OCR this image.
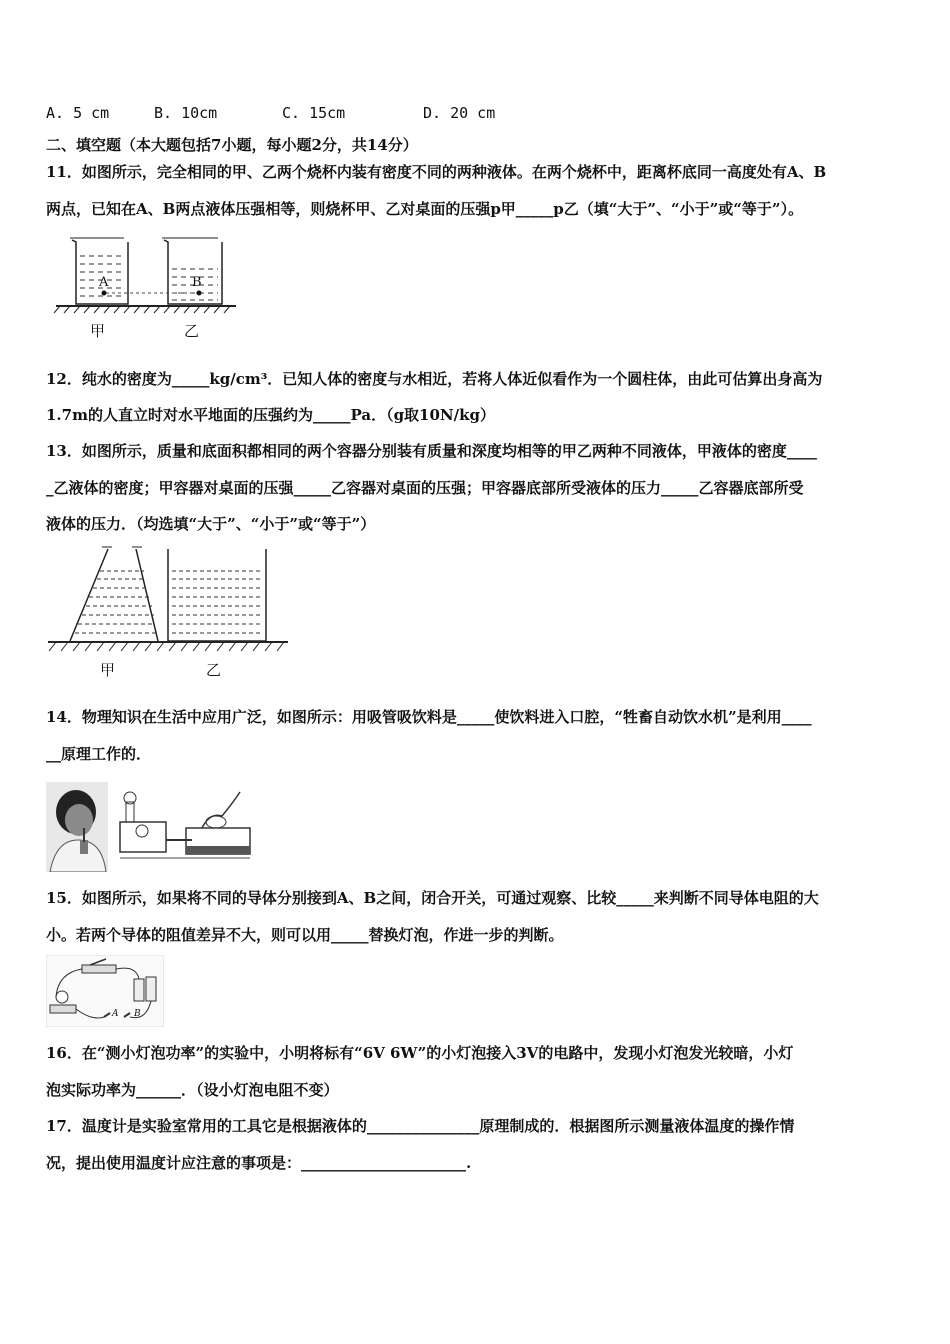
A. 5 cm	B. 10cm	C. 15cm	D. 20 cm
二、填空题（本大题包括7小题，每小题2分，共14分）
11．如图所示，完全相同的甲、乙两个烧杯内装有密度不同的两种液体。在两个烧杯中，距离杯底同一高度处有A、B
两点，已知在A、B两点液体压强相等，则烧杯甲、乙对桌面的压强p甲_____p乙（填“大于”、“小于”或“等于”）。
A	B
甲	乙
12．纯水的密度为_____kg/cm³．已知人体的密度与水相近，若将人体近似看作为一个圆柱体，由此可估算出身高为
1.7m的人直立时对水平地面的压强约为_____Pa．（g取10N/kg）
13．如图所示，质量和底面积都相同的两个容器分别装有质量和深度均相等的甲乙两种不同液体，甲液体的密度____
_乙液体的密度；甲容器对桌面的压强_____乙容器对桌面的压强；甲容器底部所受液体的压力_____乙容器底部所受
液体的压力．（均选填“大于”、“小于”或“等于”）
甲	乙
14．物理知识在生活中应用广泛，如图所示：用吸管吸饮料是_____使饮料进入口腔，“牲畜自动饮水机”是利用____
__原理工作的．
15．如图所示，如果将不同的导体分别接到A、B之间，闭合开关，可通过观察、比较_____来判断不同导体电阻的大
小。若两个导体的阻值差异不大，则可以用_____替换灯泡，作进一步的判断。
A B
16．在“测小灯泡功率”的实验中，小明将标有“6V 6W”的小灯泡接入3V的电路中，发现小灯泡发光较暗，小灯
泡实际功率为______．（设小灯泡电阻不变）
17．温度计是实验室常用的工具它是根据液体的_______________原理制成的．根据图所示测量液体温度的操作情
况，提出使用温度计应注意的事项是：______________________.
